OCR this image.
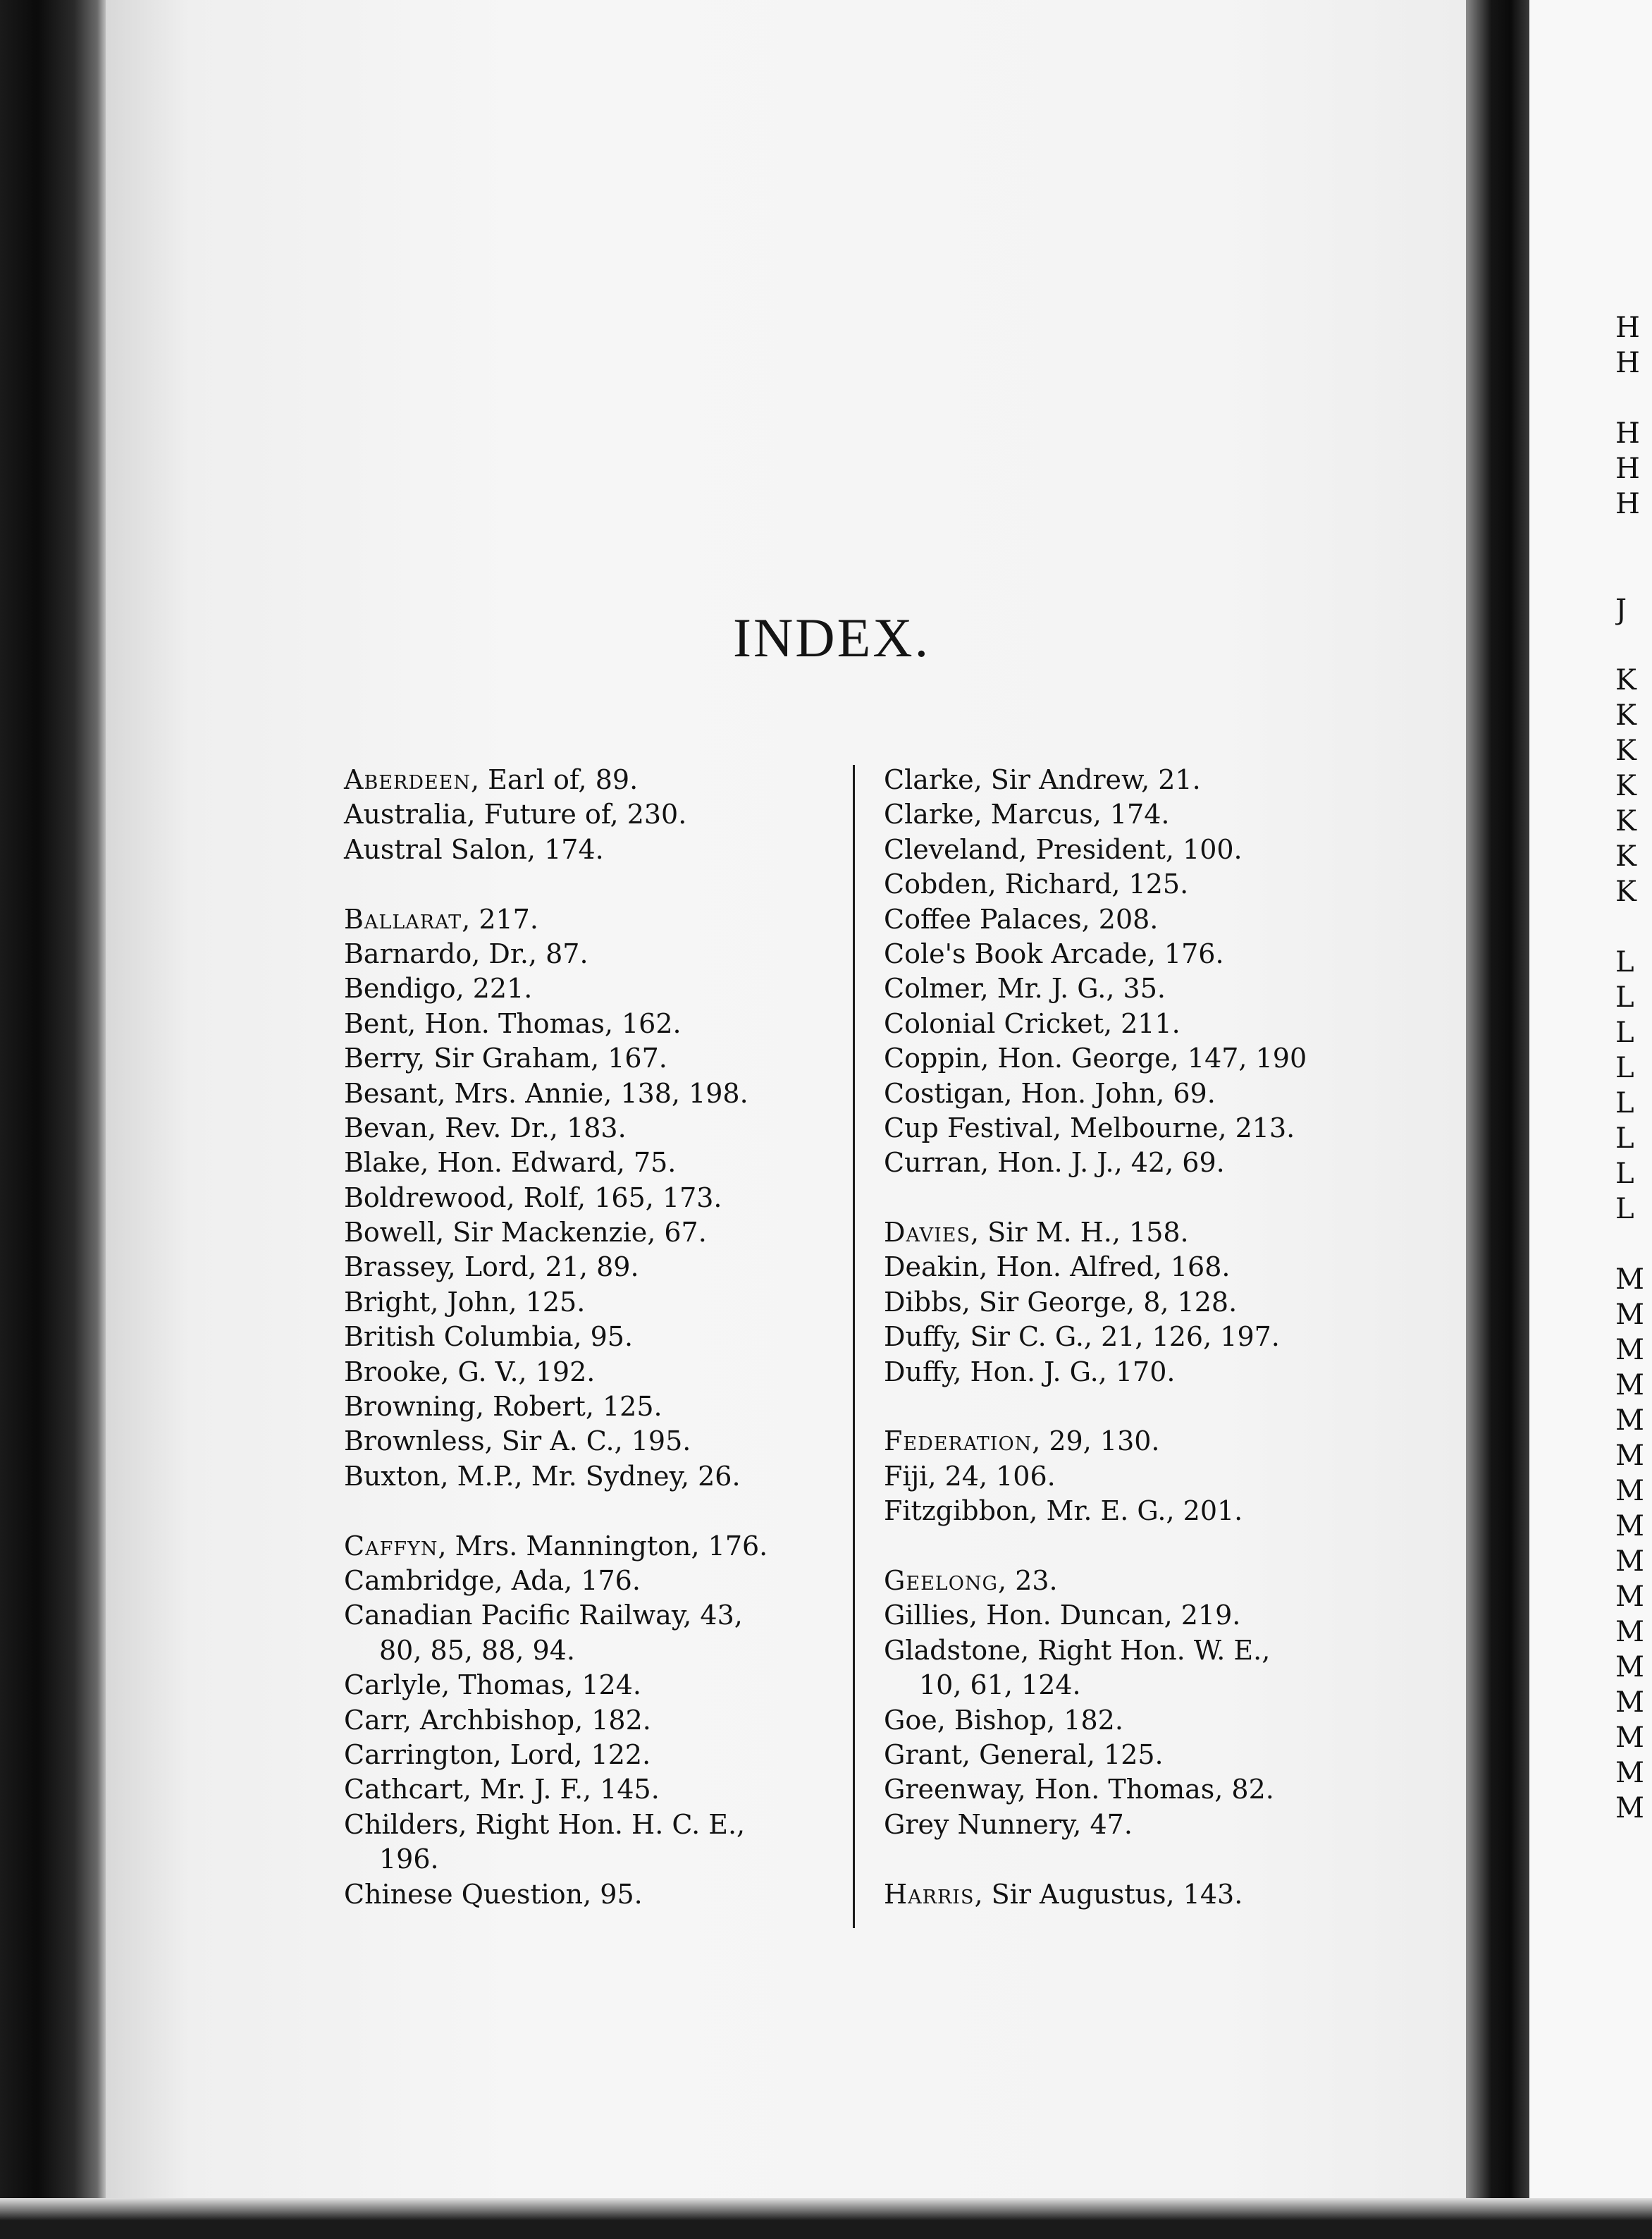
INDEX.
Aberdeen, Earl of, 89.
Australia, Future of, 230.
Austral Salon, 174.
Ballarat, 217.
Barnardo, Dr., 87.
Bendigo, 221.
Bent, Hon. Thomas, 162.
Berry, Sir Graham, 167.
Besant, Mrs. Annie, 138, 198.
Bevan, Rev. Dr., 183.
Blake, Hon. Edward, 75.
Boldrewood, Rolf, 165, 173.
Bowell, Sir Mackenzie, 67.
Brassey, Lord, 21, 89.
Bright, John, 125.
British Columbia, 95.
Brooke, G. V., 192.
Browning, Robert, 125.
Brownless, Sir A. C., 195.
Buxton, M.P., Mr. Sydney, 26.
Caffyn, Mrs. Mannington, 176.
Cambridge, Ada, 176.
Canadian Pacific Railway, 43,
80, 85, 88, 94.
Carlyle, Thomas, 124.
Carr, Archbishop, 182.
Carrington, Lord, 122.
Cathcart, Mr. J. F., 145.
Childers, Right Hon. H. C. E.,
196.
Chinese Question, 95.
Clarke, Sir Andrew, 21.
Clarke, Marcus, 174.
Cleveland, President, 100.
Cobden, Richard, 125.
Coffee Palaces, 208.
Cole's Book Arcade, 176.
Colmer, Mr. J. G., 35.
Colonial Cricket, 211.
Coppin, Hon. George, 147, 190
Costigan, Hon. John, 69.
Cup Festival, Melbourne, 213.
Curran, Hon. J. J., 42, 69.
Davies, Sir M. H., 158.
Deakin, Hon. Alfred, 168.
Dibbs, Sir George, 8, 128.
Duffy, Sir C. G., 21, 126, 197.
Duffy, Hon. J. G., 170.
Federation, 29, 130.
Fiji, 24, 106.
Fitzgibbon, Mr. E. G., 201.
Geelong, 23.
Gillies, Hon. Duncan, 219.
Gladstone, Right Hon. W. E.,
10, 61, 124.
Goe, Bishop, 182.
Grant, General, 125.
Greenway, Hon. Thomas, 82.
Grey Nunnery, 47.
Harris, Sir Augustus, 143.
H
H
H
H
H
J
K
K
K
K
K
K
K
L
L
L
L
L
L
L
L
M
M
M
M
M
M
M
M
M
M
M
M
M
M
M
M
